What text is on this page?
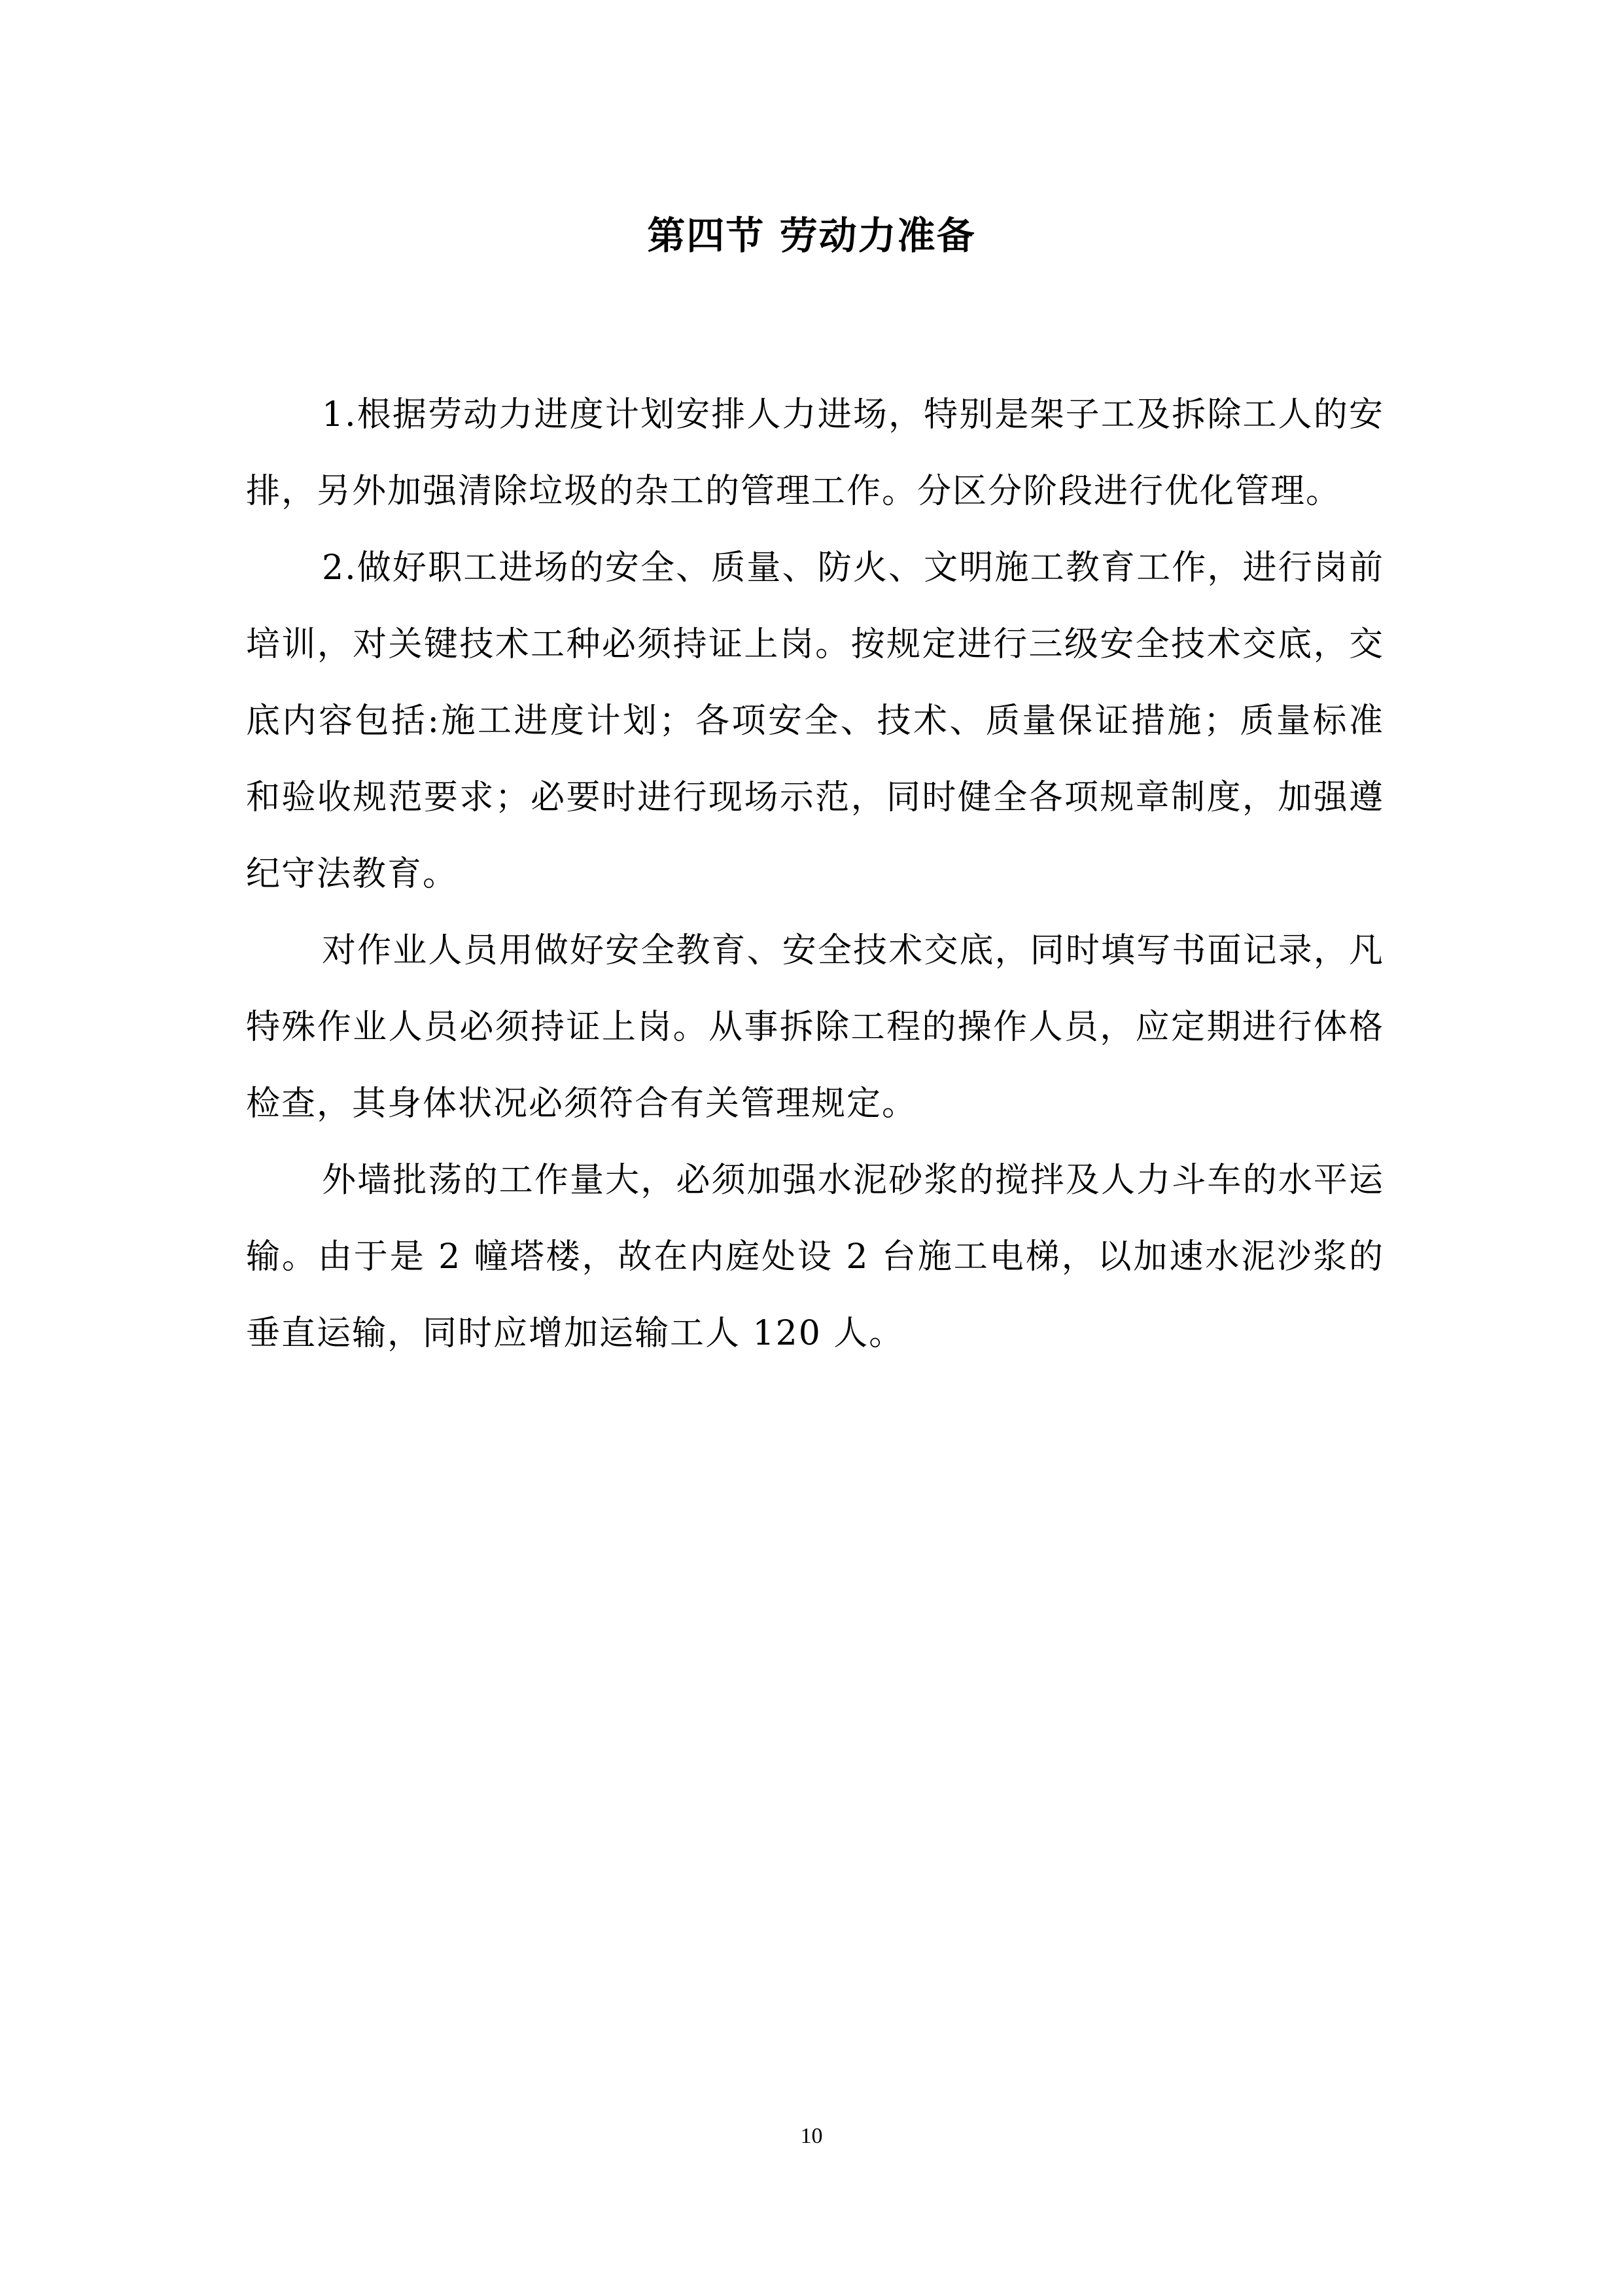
第四节 劳动力准备

1.根据劳动力进度计划安排人力进场，特别是架子工及拆除工人的安排，另外加强清除垃圾的杂工的管理工作。分区分阶段进行优化管理。

2.做好职工进场的安全、质量、防火、文明施工教育工作，进行岗前培训，对关键技术工种必须持证上岗。按规定进行三级安全技术交底，交底内容包括:施工进度计划；各项安全、技术、质量保证措施；质量标准和验收规范要求；必要时进行现场示范，同时健全各项规章制度，加强遵纪守法教育。

对作业人员用做好安全教育、安全技术交底，同时填写书面记录，凡特殊作业人员必须持证上岗。从事拆除工程的操作人员，应定期进行体格检查，其身体状况必须符合有关管理规定。

外墙批荡的工作量大，必须加强水泥砂浆的搅拌及人力斗车的水平运输。由于是 2 幢塔楼，故在内庭处设 2 台施工电梯，以加速水泥沙浆的垂直运输，同时应增加运输工人 120 人。

10
